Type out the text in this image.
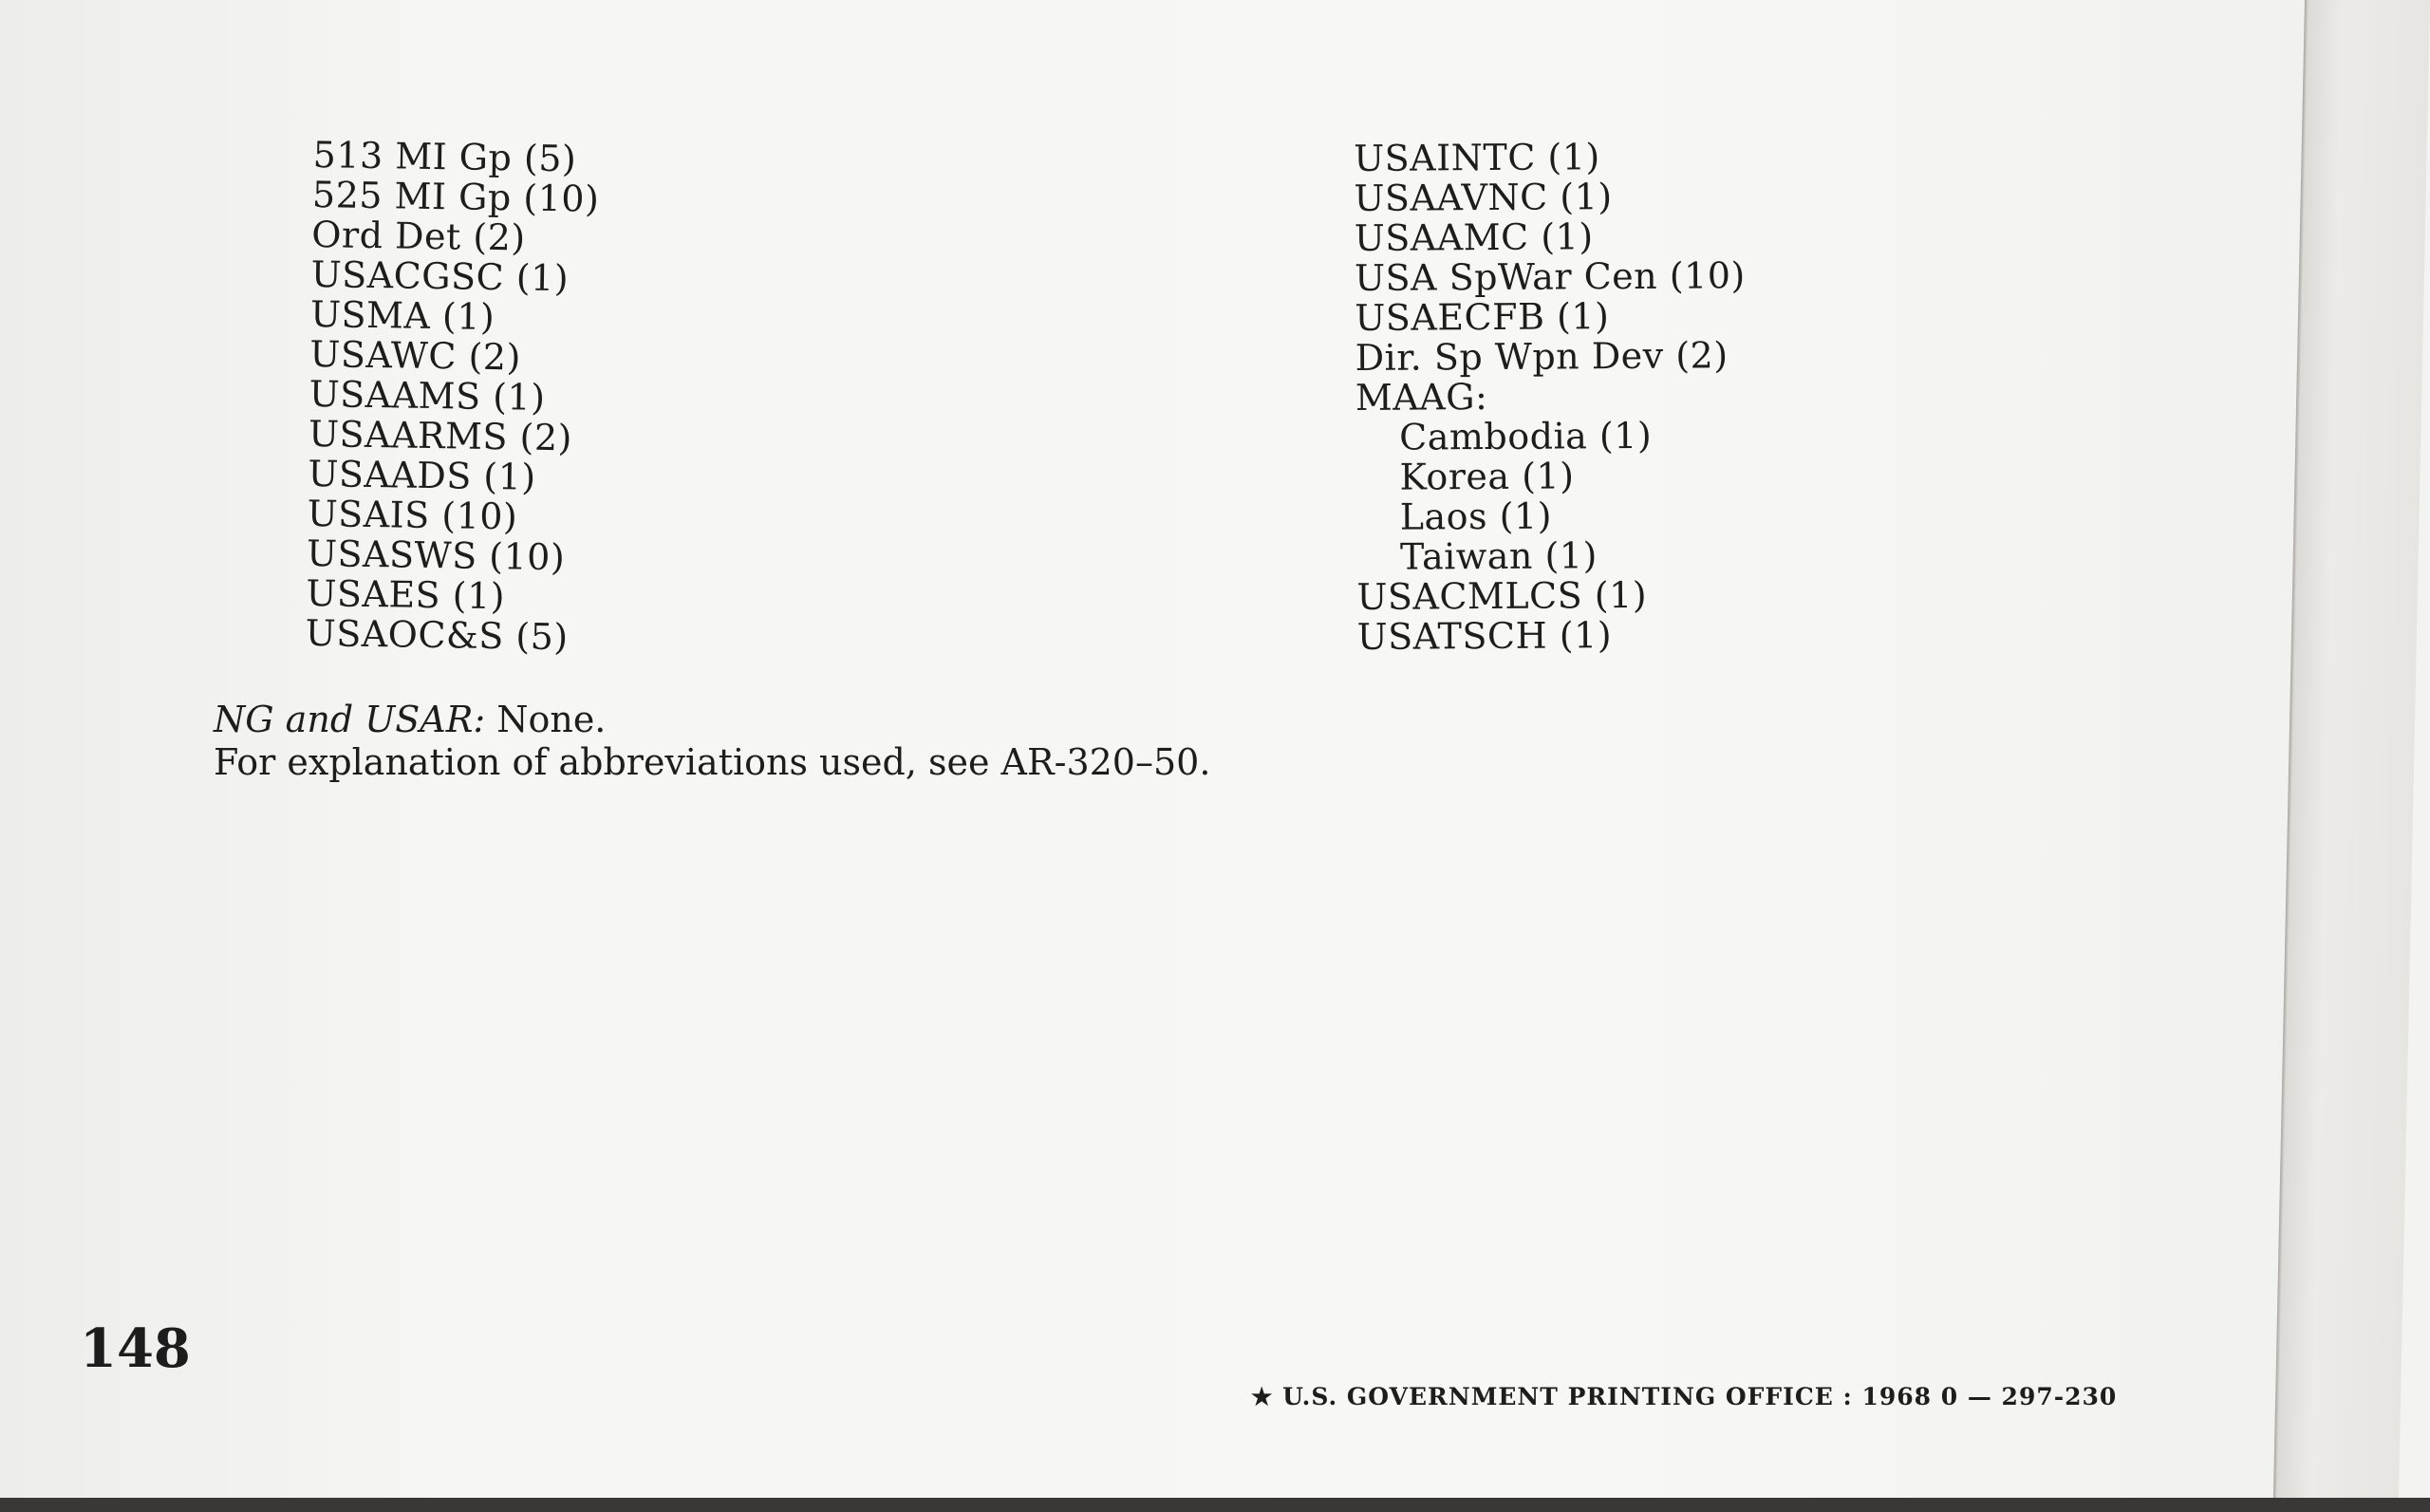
513 MI Gp (5)
525 MI Gp (10)
Ord Det (2)
USACGSC (1)
USMA (1)
USAWC (2)
USAAMS (1)
USAARMS (2)
USAADS (1)
USAIS (10)
USASWS (10)
USAES (1)
USAOC&S (5)
USAINTC (1)
USAAVNC (1)
USAAMC (1)
USA SpWar Cen (10)
USAECFB (1)
Dir. Sp Wpn Dev (2)
MAAG:
Cambodia (1)
Korea (1)
Laos (1)
Taiwan (1)
USACMLCS (1)
USATSCH (1)
NG and USAR: None.
For explanation of abbreviations used, see AR-320–50.
148
★ U.S. GOVERNMENT PRINTING OFFICE : 1968 0 — 297-230
